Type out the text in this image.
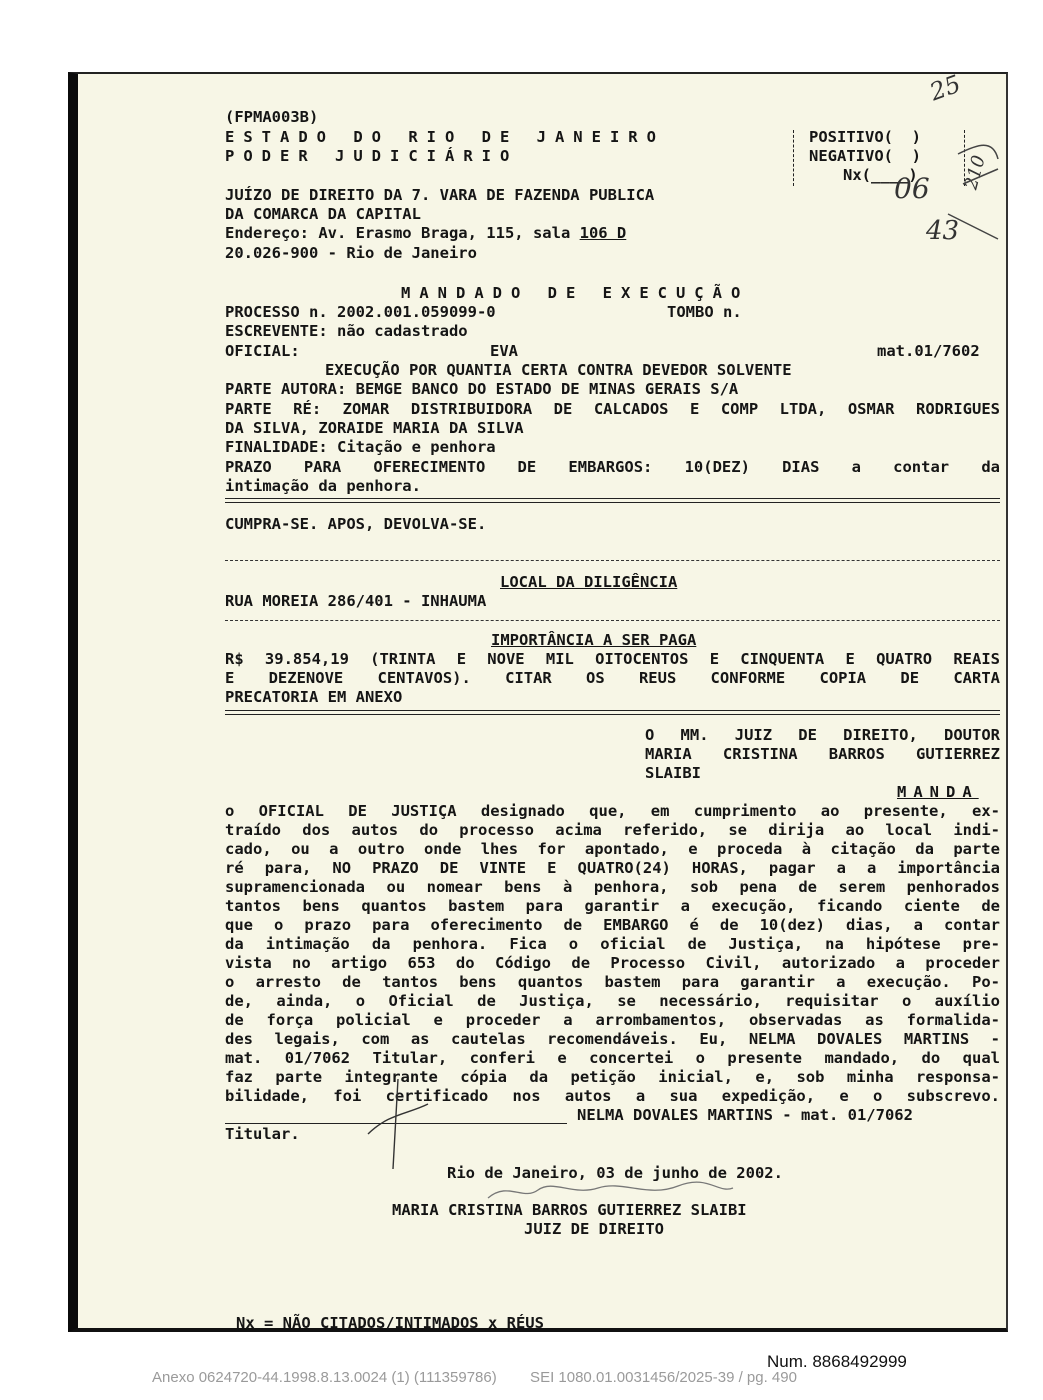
(FPMA003B)
ESTADO DO RIO DE JANEIRO
PODER JUDICIÁRIO
POSITIVO(  )
NEGATIVO(  )
Nx(____)
JUÍZO DE DIREITO DA 7. VARA DE FAZENDA PUBLICA
DA COMARCA DA CAPITAL
Endereço: Av. Erasmo Braga, 115, sala 106 D
20.026-900 - Rio de Janeiro
25
06 210
43
MANDADO DE EXECUÇÃO
PROCESSO n. 2002.001.059099-0	TOMBO n.
ESCREVENTE: não cadastrado
OFICIAL:	EVA	mat.01/7602
EXECUÇÃO POR QUANTIA CERTA CONTRA DEVEDOR SOLVENTE
PARTE AUTORA: BEMGE BANCO DO ESTADO DE MINAS GERAIS S/A
PARTE RÉ: ZOMAR DISTRIBUIDORA DE CALCADOS E COMP LTDA, OSMAR RODRIGUES
DA SILVA, ZORAIDE MARIA DA SILVA
FINALIDADE: Citação e penhora
PRAZO PARA OFERECIMENTO DE EMBARGOS: 10(DEZ) DIAS a contar da
intimação da penhora.
CUMPRA-SE. APOS, DEVOLVA-SE.
LOCAL DA DILIGÊNCIA
RUA MOREIA 286/401 - INHAUMA
IMPORTÂNCIA A SER PAGA
R$ 39.854,19 (TRINTA E NOVE MIL OITOCENTOS E CINQUENTA E QUATRO REAIS
E DEZENOVE CENTAVOS). CITAR OS REUS CONFORME COPIA DE CARTA
PRECATORIA EM ANEXO
O MM. JUIZ DE DIREITO, DOUTOR
MARIA CRISTINA BARROS GUTIERREZ
SLAIBI
MANDA
o OFICIAL DE JUSTIÇA designado que, em cumprimento ao presente, ex-
traído dos autos do processo acima referido, se dirija ao local indi-
cado, ou a outro onde lhes for apontado, e proceda à citação da parte
ré para, NO PRAZO DE VINTE E QUATRO(24) HORAS, pagar a a importância
supramencionada ou nomear bens à penhora, sob pena de serem penhorados
tantos bens quantos bastem para garantir a execução, ficando ciente de
que o prazo para oferecimento de EMBARGO é de 10(dez) dias, a contar
da intimação da penhora. Fica o oficial de Justiça, na hipótese pre-
vista no artigo 653 do Código de Processo Civil, autorizado a proceder
o arresto de tantos bens quantos bastem para garantir a execução. Po-
de, ainda, o Oficial de Justiça, se necessário, requisitar o auxílio
de força policial e proceder a arrombamentos, observadas as formalida-
des legais, com as cautelas recomendáveis. Eu, NELMA DOVALES MARTINS -
mat. 01/7062 Titular, conferi e concertei o presente mandado, do qual
faz parte integrante cópia da petição inicial, e, sob minha responsa-
bilidade, foi certificado nos autos a sua expedição, e o subscrevo.
NELMA DOVALES MARTINS - mat. 01/7062
Titular.
Rio de Janeiro, 03 de junho de 2002.
MARIA CRISTINA BARROS GUTIERREZ SLAIBI
JUIZ DE DIREITO
Nx = NÃO CITADOS/INTIMADOS x RÉUS
Num. 8868492999
Anexo 0624720-44.1998.8.13.0024 (1) (111359786)        SEI 1080.01.0031456/2025-39 / pg. 490
